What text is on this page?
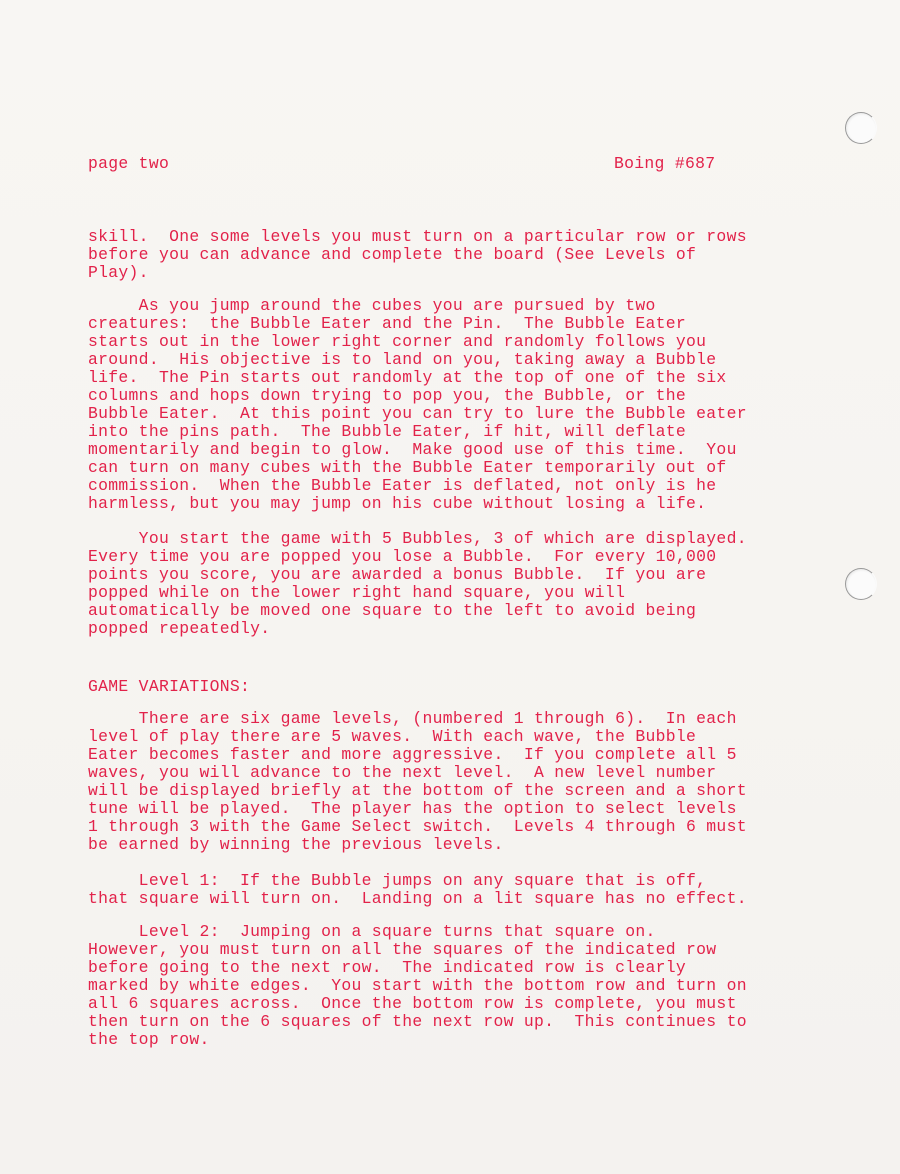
page two	Boing #687
skill.  One some levels you must turn on a particular row or rows
before you can advance and complete the board (See Levels of
Play).
As you jump around the cubes you are pursued by two
creatures:  the Bubble Eater and the Pin.  The Bubble Eater
starts out in the lower right corner and randomly follows you
around.  His objective is to land on you, taking away a Bubble
life.  The Pin starts out randomly at the top of one of the six
columns and hops down trying to pop you, the Bubble, or the
Bubble Eater.  At this point you can try to lure the Bubble eater
into the pins path.  The Bubble Eater, if hit, will deflate
momentarily and begin to glow.  Make good use of this time.  You
can turn on many cubes with the Bubble Eater temporarily out of
commission.  When the Bubble Eater is deflated, not only is he
harmless, but you may jump on his cube without losing a life.
You start the game with 5 Bubbles, 3 of which are displayed.
Every time you are popped you lose a Bubble.  For every 10,000
points you score, you are awarded a bonus Bubble.  If you are
popped while on the lower right hand square, you will
automatically be moved one square to the left to avoid being
popped repeatedly.
GAME VARIATIONS:
There are six game levels, (numbered 1 through 6).  In each
level of play there are 5 waves.  With each wave, the Bubble
Eater becomes faster and more aggressive.  If you complete all 5
waves, you will advance to the next level.  A new level number
will be displayed briefly at the bottom of the screen and a short
tune will be played.  The player has the option to select levels
1 through 3 with the Game Select switch.  Levels 4 through 6 must
be earned by winning the previous levels.
Level 1:  If the Bubble jumps on any square that is off,
that square will turn on.  Landing on a lit square has no effect.
Level 2:  Jumping on a square turns that square on.
However, you must turn on all the squares of the indicated row
before going to the next row.  The indicated row is clearly
marked by white edges.  You start with the bottom row and turn on
all 6 squares across.  Once the bottom row is complete, you must
then turn on the 6 squares of the next row up.  This continues to
the top row.
